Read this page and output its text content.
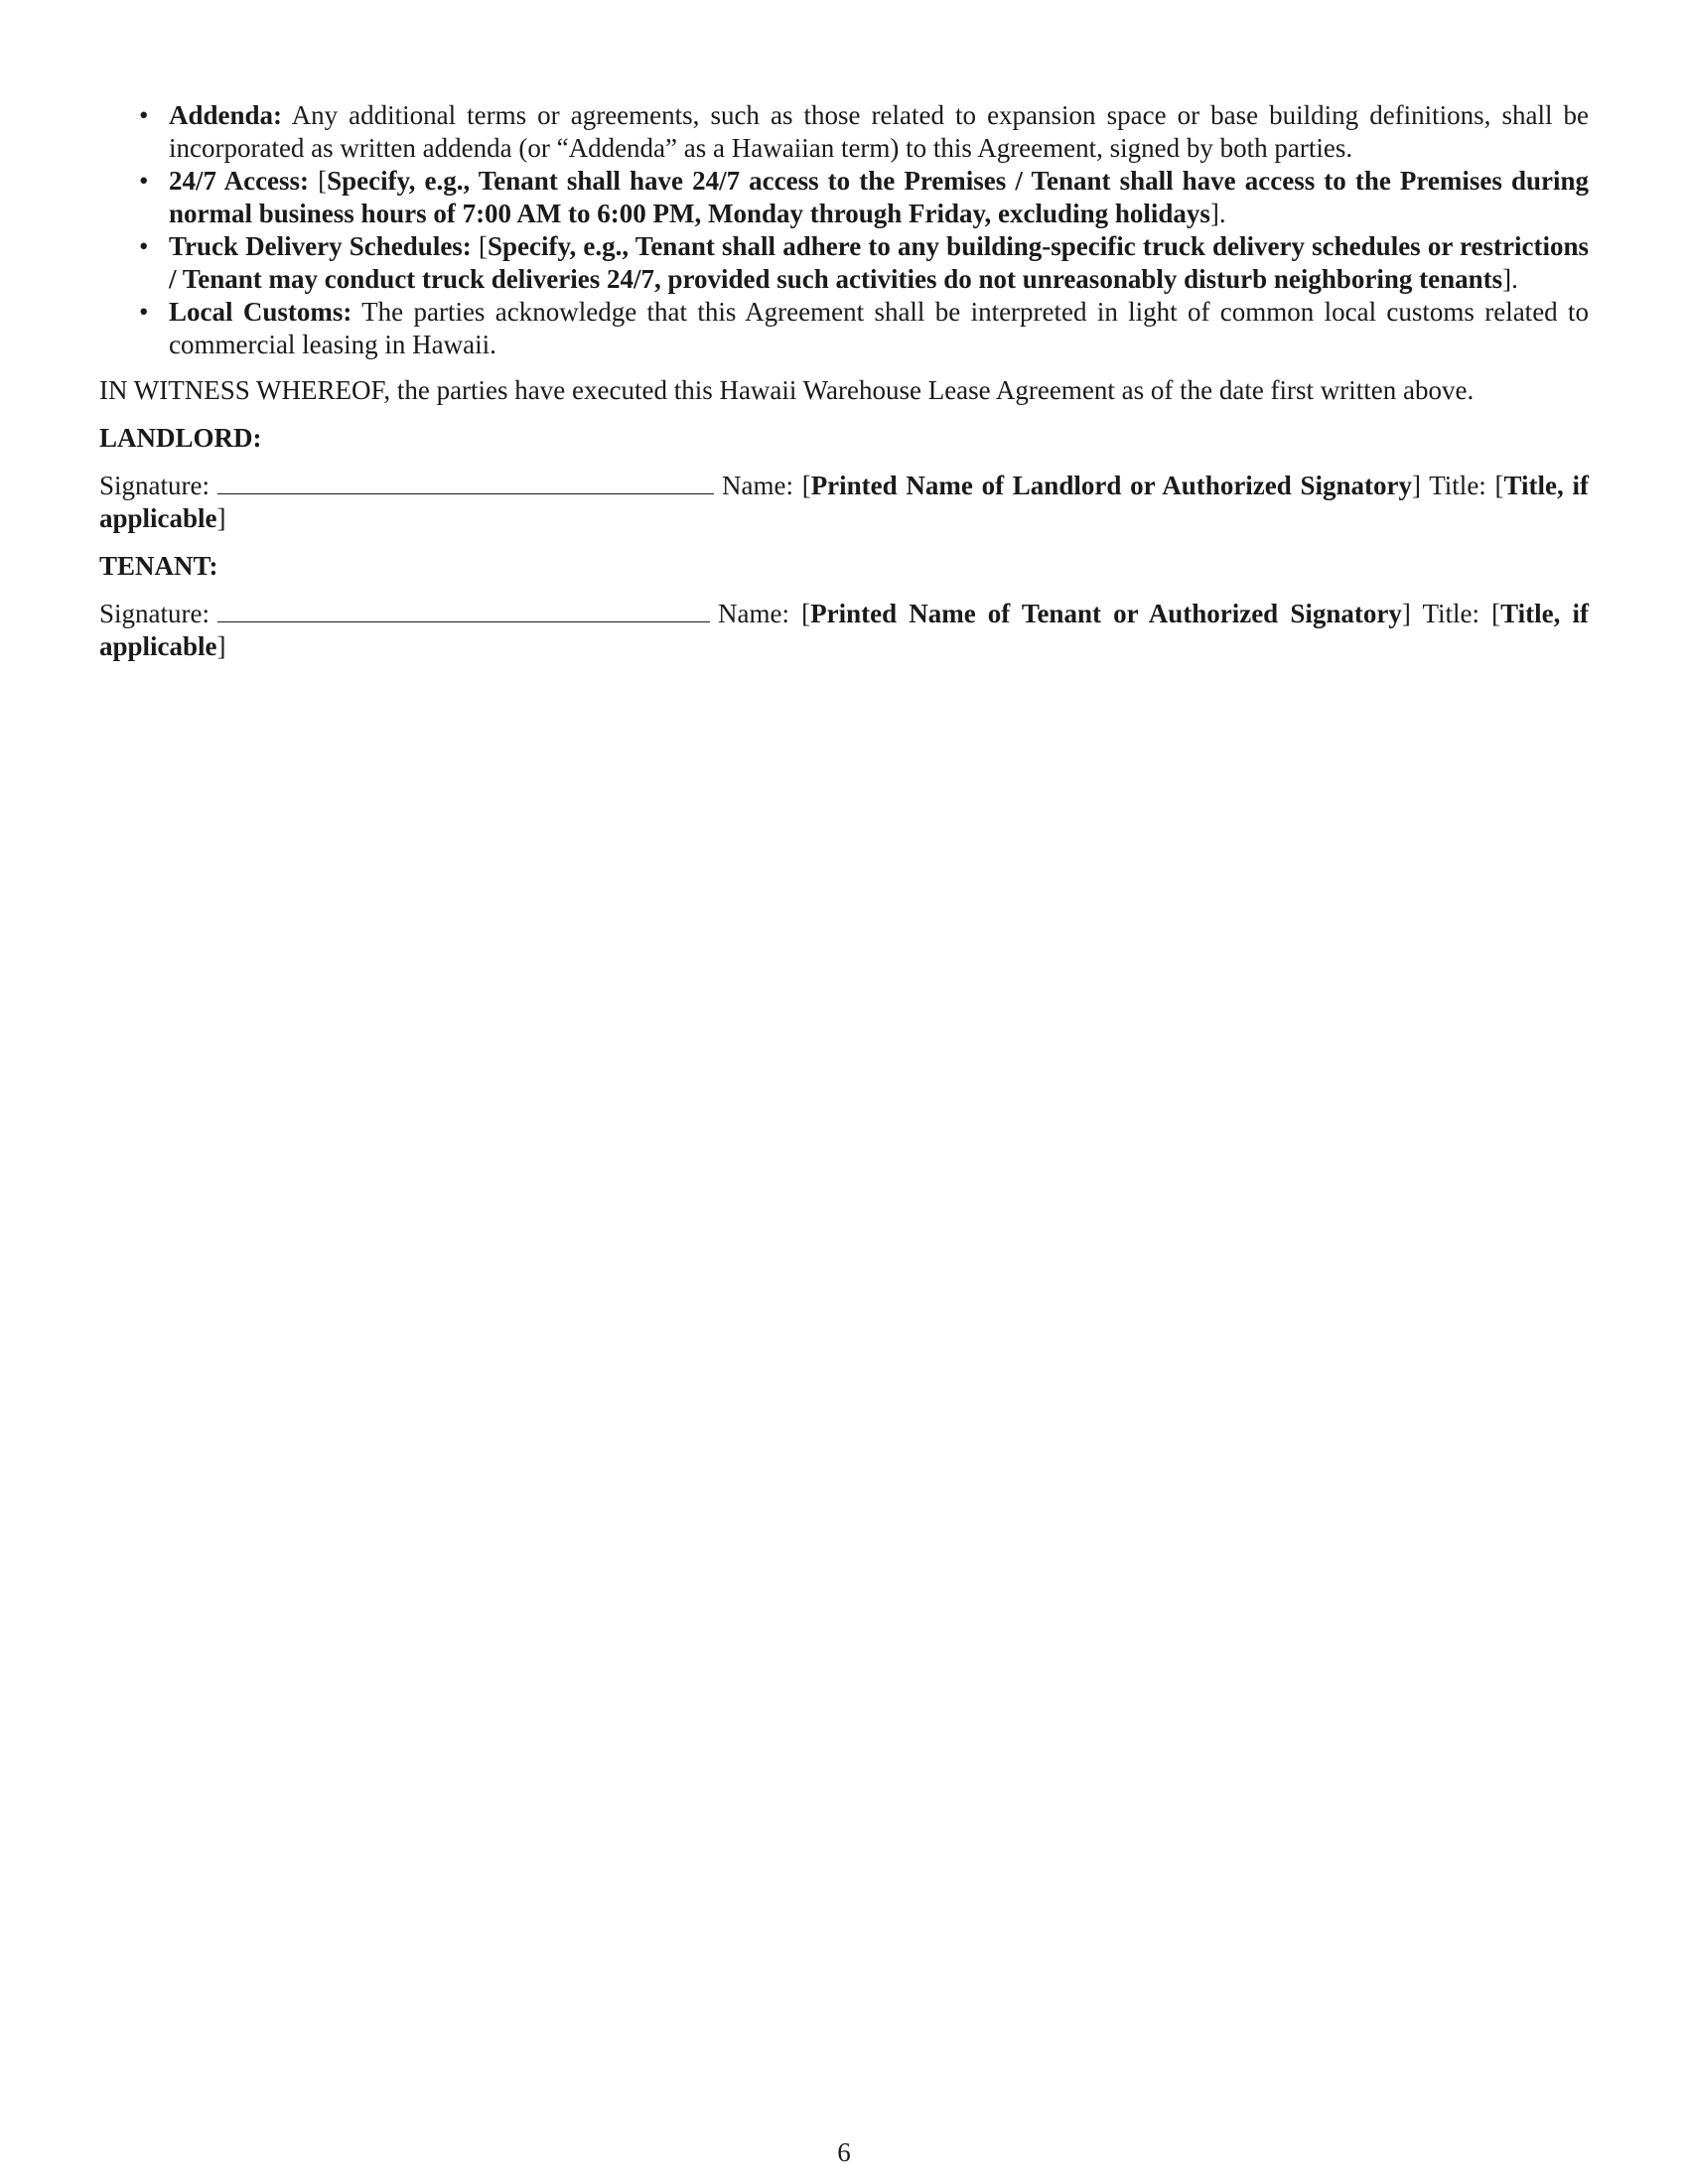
• Addenda: Any additional terms or agreements, such as those related to expansion space or base building definitions, shall be incorporated as written addenda (or “Addenda” as a Hawaiian term) to this Agreement, signed by both parties.
• 24/7 Access: [Specify, e.g., Tenant shall have 24/7 access to the Premises / Tenant shall have access to the Premises during normal business hours of 7:00 AM to 6:00 PM, Monday through Friday, excluding holidays].
• Truck Delivery Schedules: [Specify, e.g., Tenant shall adhere to any building-specific truck delivery schedules or restrictions / Tenant may conduct truck deliveries 24/7, provided such activities do not unreasonably disturb neighboring tenants].
• Local Customs: The parties acknowledge that this Agreement shall be interpreted in light of common local customs related to commercial leasing in Hawaii.

IN WITNESS WHEREOF, the parties have executed this Hawaii Warehouse Lease Agreement as of the date first written above.

LANDLORD:
Signature:	Name: [Printed Name of Landlord or Authorized Signatory] Title: [Title, if applicable]
TENANT:
Signature:	Name: [Printed Name of Tenant or Authorized Signatory] Title: [Title, if applicable]
6
